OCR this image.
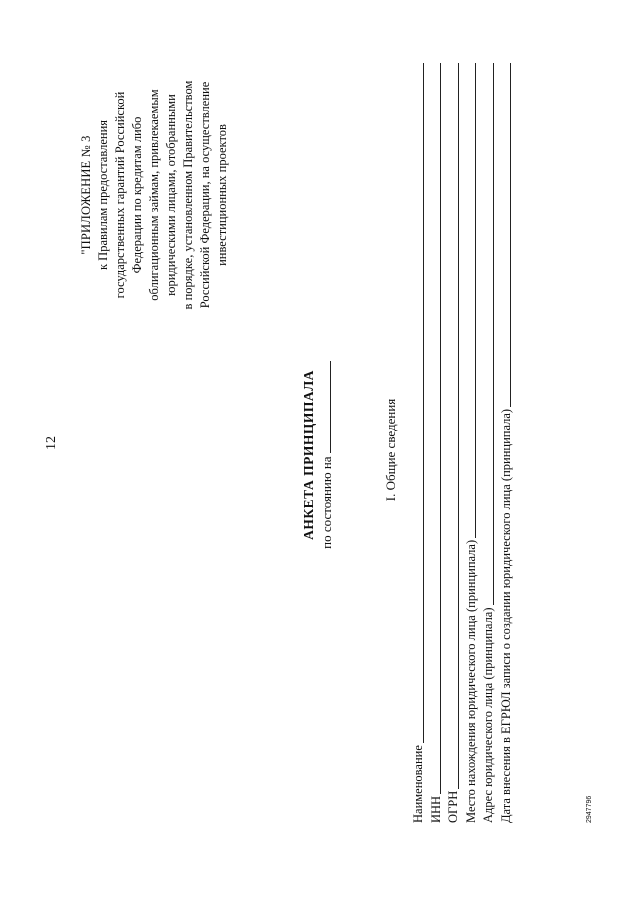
12
"ПРИЛОЖЕНИЕ № 3 к Правилам предоставления государственных гарантий Российской Федерации по кредитам либо облигационным займам, привлекаемым юридическими лицами, отобранными в порядке, установленном Правительством Российской Федерации, на осуществление инвестиционных проектов
АНКЕТА ПРИНЦИПАЛА по состоянию на
I. Общие сведения
Наименование ИНН ОГРН Место нахождения юридического лица (принципала) Адрес юридического лица (принципала) Дата внесения в ЕГРЮЛ записи о создании юридического лица (принципала)	2947796
